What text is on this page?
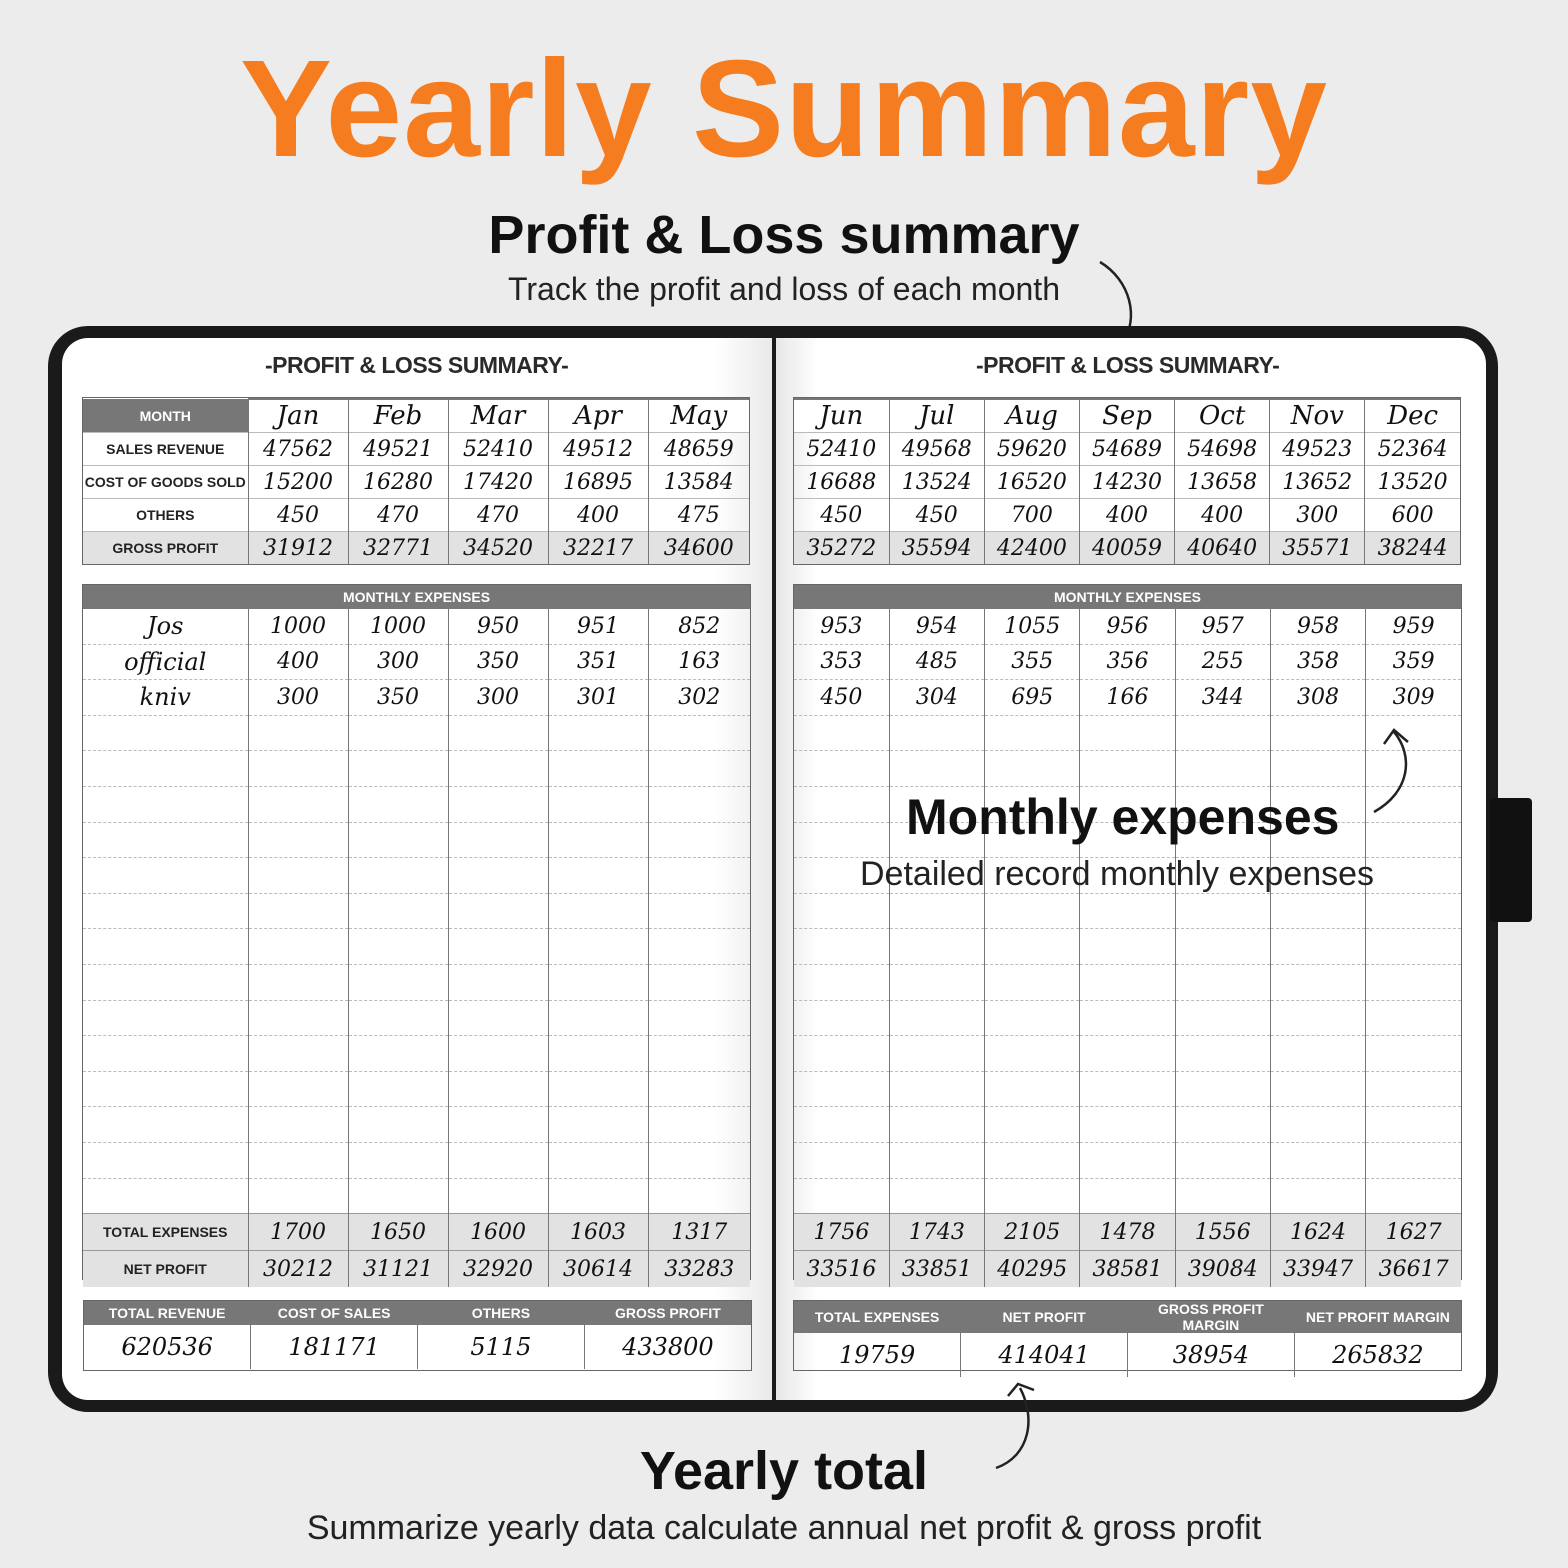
Yearly Summary
Profit & Loss summary
Track the profit and loss of each month
-PROFIT & LOSS SUMMARY-	-PROFIT & LOSS SUMMARY-
MONTH	Jan	Feb	Mar	Apr	May
SALES REVENUE	47562	49521	52410	49512	48659
COST OF GOODS SOLD	15200	16280	17420	16895	13584
OTHERS	450	470	470	400	475
GROSS PROFIT	31912	32771	34520	32217	34600
Jun	Jul	Aug	Sep	Oct	Nov	Dec
52410	49568	59620	54689	54698	49523	52364
16688	13524	16520	14230	13658	13652	13520
450	450	700	400	400	300	600
35272	35594	42400	40059	40640	35571	38244
MONTHLY EXPENSES					
Jos	1000	1000	950	951	852
official	400	300	350	351	163
kniv	300	350	300	301	302

TOTAL EXPENSES	1700	1650	1600	1603	1317
NET PROFIT	30212	31121	32920	30614	33283
MONTHLY EXPENSES						
953	954	1055	956	957	958	959
353	485	355	356	255	358	359
450	304	695	166	344	308	309

1756	1743	2105	1478	1556	1624	1627
33516	33851	40295	38581	39084	33947	36617
TOTAL REVENUE	COST OF SALES	OTHERS	GROSS PROFIT
620536	181171	5115	433800
TOTAL EXPENSES	NET PROFIT	GROSS PROFIT MARGIN	NET PROFIT MARGIN
19759	414041	38954	265832
Monthly expenses
Detailed record monthly expenses
Yearly total
Summarize yearly data calculate annual net profit & gross profit
